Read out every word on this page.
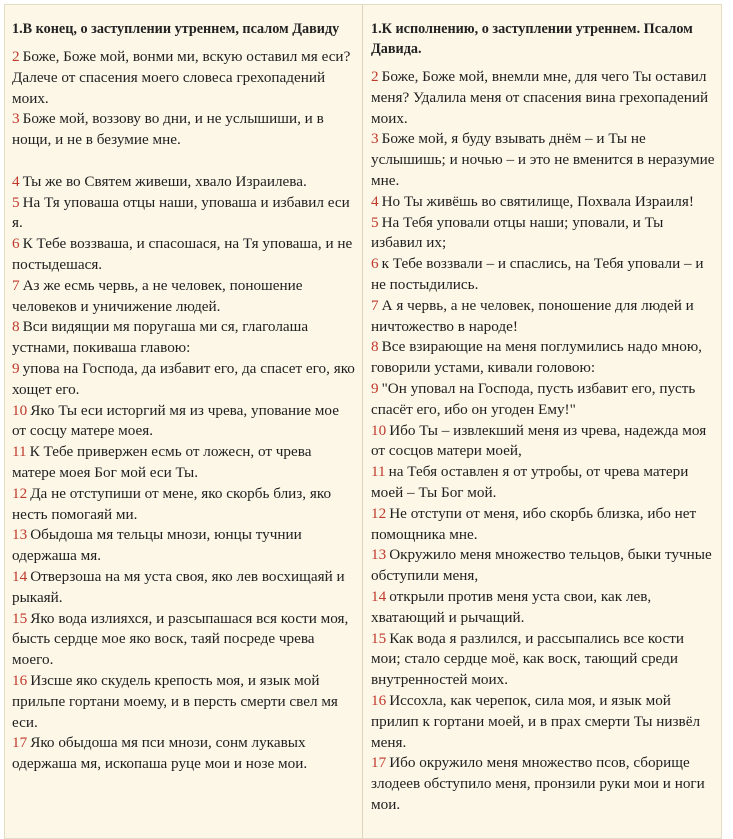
1.В конец, о заступлении утреннем, псалом Давиду

2 Боже, Боже мой, вонми ми, вскую оставил мя еси? Далече от спасения моего словеса грехопадений моих.

3 Боже мой, воззову во дни, и не услышиши, и в нощи, и не в безумие мне.

4 Ты же во Святем живеши, хвало Израилева.

5 На Тя уповаша отцы наши, уповаша и избавил еси я.

6 К Тебе воззваша, и спасошася, на Тя уповаша, и не постыдешася.

7 Аз же есмь червь, а не человек, поношение человеков и уничижение людей.

8 Вси видящии мя поругаша ми ся, глаголаша устнами, покиваша главою:

9 упова на Господа, да избавит его, да спасет его, яко хощет его.

10 Яко Ты еси исторгий мя из чрева, упование мое от сосцу матере моея.

11 К Тебе привержен есмь от ложесн, от чрева матере моея Бог мой еси Ты.

12 Да не отступиши от мене, яко скорбь близ, яко несть помогаяй ми.

13 Обыдоша мя тельцы мнози, юнцы тучнии одержаша мя.

14 Отверзоша на мя уста своя, яко лев восхищаяй и рыкаяй.

15 Яко вода излияхся, и разсыпашася вся кости моя, бысть сердце мое яко воск, таяй посреде чрева моего.

16 Изсше яко скудель крепость моя, и язык мой прильпе гортани моему, и в персть смерти свел мя еси.

17 Яко обыдоша мя пси мнози, сонм лукавых одержаша мя, ископаша руце мои и нозе мои.

1.К исполнению, о заступлении утреннем. Псалом Давида.

2 Боже, Боже мой, внемли мне, для чего Ты оставил меня? Удалила меня от спасения вина грехопадений моих.

3 Боже мой, я буду взывать днём – и Ты не услышишь; и ночью – и это не вменится в неразумие мне.

4 Но Ты живёшь во святилище, Похвала Израиля!

5 На Тебя уповали отцы наши; уповали, и Ты избавил их;

6 к Тебе воззвали – и спаслись, на Тебя уповали – и не постыдились.

7 А я червь, а не человек, поношение для людей и ничтожество в народе!

8 Все взирающие на меня поглумились надо мною, говорили устами, кивали головою:

9 "Он уповал на Господа, пусть избавит его, пусть спасёт его, ибо он угоден Ему!"

10 Ибо Ты – извлекший меня из чрева, надежда моя от сосцов матери моей,

11 на Тебя оставлен я от утробы, от чрева матери моей – Ты Бог мой.

12 Не отступи от меня, ибо скорбь близка, ибо нет помощника мне.

13 Окружило меня множество тельцов, быки тучные обступили меня,

14 открыли против меня уста свои, как лев, хватающий и рычащий.

15 Как вода я разлился, и рассыпались все кости мои; стало сердце моё, как воск, тающий среди внутренностей моих.

16 Иссохла, как черепок, сила моя, и язык мой прилип к гортани моей, и в прах смерти Ты низвёл меня.

17 Ибо окружило меня множество псов, сборище злодеев обступило меня, пронзили руки мои и ноги мои.
